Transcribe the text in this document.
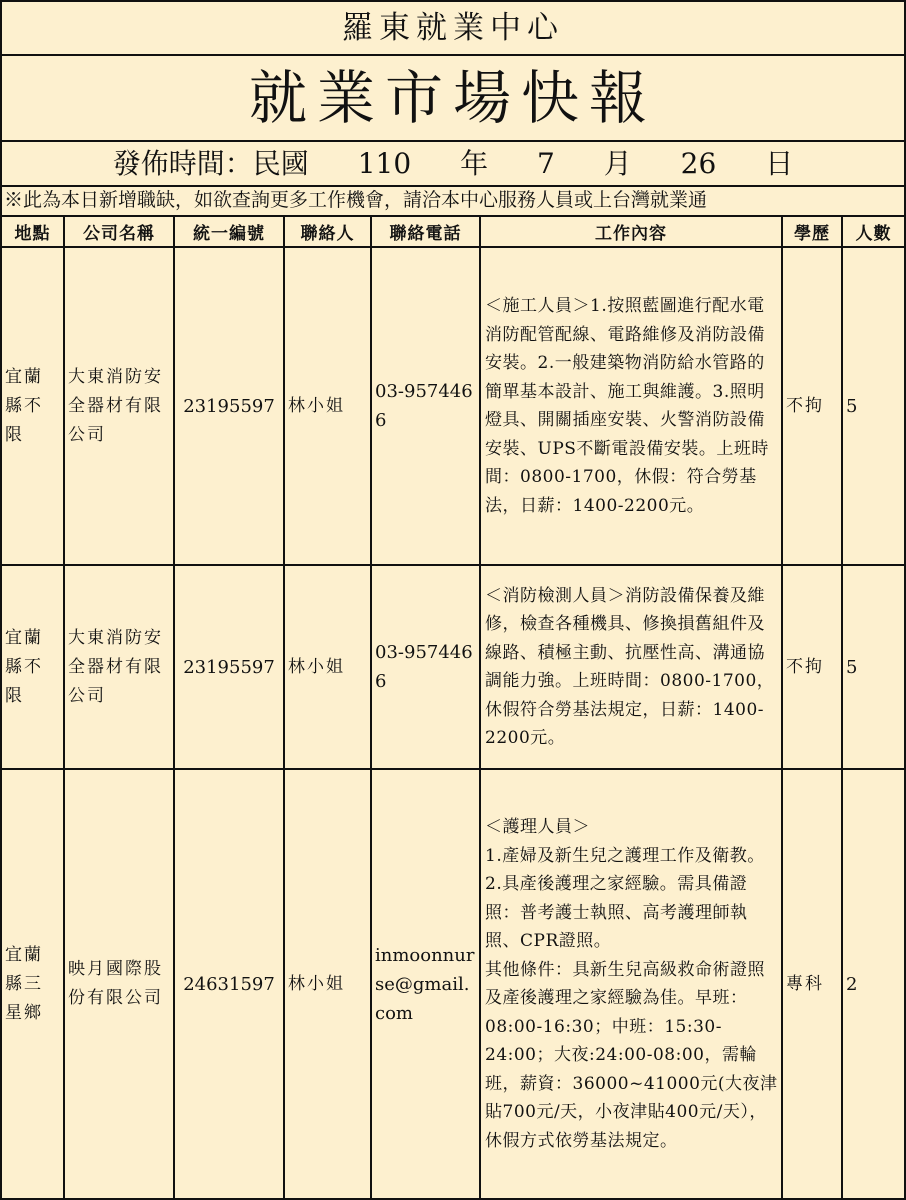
羅東就業中心
就業市場快報
發佈時間：民國 110 年 7 月 26 日
※此為本日新增職缺，如欲查詢更多工作機會，請洽本中心服務人員或上台灣就業通
地點	公司名稱	統一編號	聯絡人	聯絡電話	工作內容	學歷	人數
宜蘭縣不限	大東消防安全器材有限公司	23195597	林小姐	03-9574466	＜施工人員＞1.按照藍圖進行配水電消防配管配線、電路維修及消防設備安裝。2.一般建築物消防給水管路的簡單基本設計、施工與維護。3.照明燈具、開關插座安裝、火警消防設備安裝、UPS不斷電設備安裝。上班時間：0800-1700，休假：符合勞基法，日薪：1400-2200元。	不拘	5
宜蘭縣不限	大東消防安全器材有限公司	23195597	林小姐	03-9574466	＜消防檢測人員＞消防設備保養及維修，檢查各種機具、修換損舊組件及線路、積極主動、抗壓性高、溝通協調能力強。上班時間：0800-1700，休假符合勞基法規定，日薪：1400-2200元。	不拘	5
宜蘭縣三星鄉	映月國際股份有限公司	24631597	林小姐	inmoonnurse@gmail.com	＜護理人員＞
1.產婦及新生兒之護理工作及衛教。2.具產後護理之家經驗。需具備證照：普考護士執照、高考護理師執照、CPR證照。
其他條件：具新生兒高級救命術證照及產後護理之家經驗為佳。早班：08:00-16:30；中班：15:30-24:00；大夜:24:00-08:00，需輪班，薪資：36000~41000元(大夜津貼700元/天，小夜津貼400元/天），休假方式依勞基法規定。	專科	2
